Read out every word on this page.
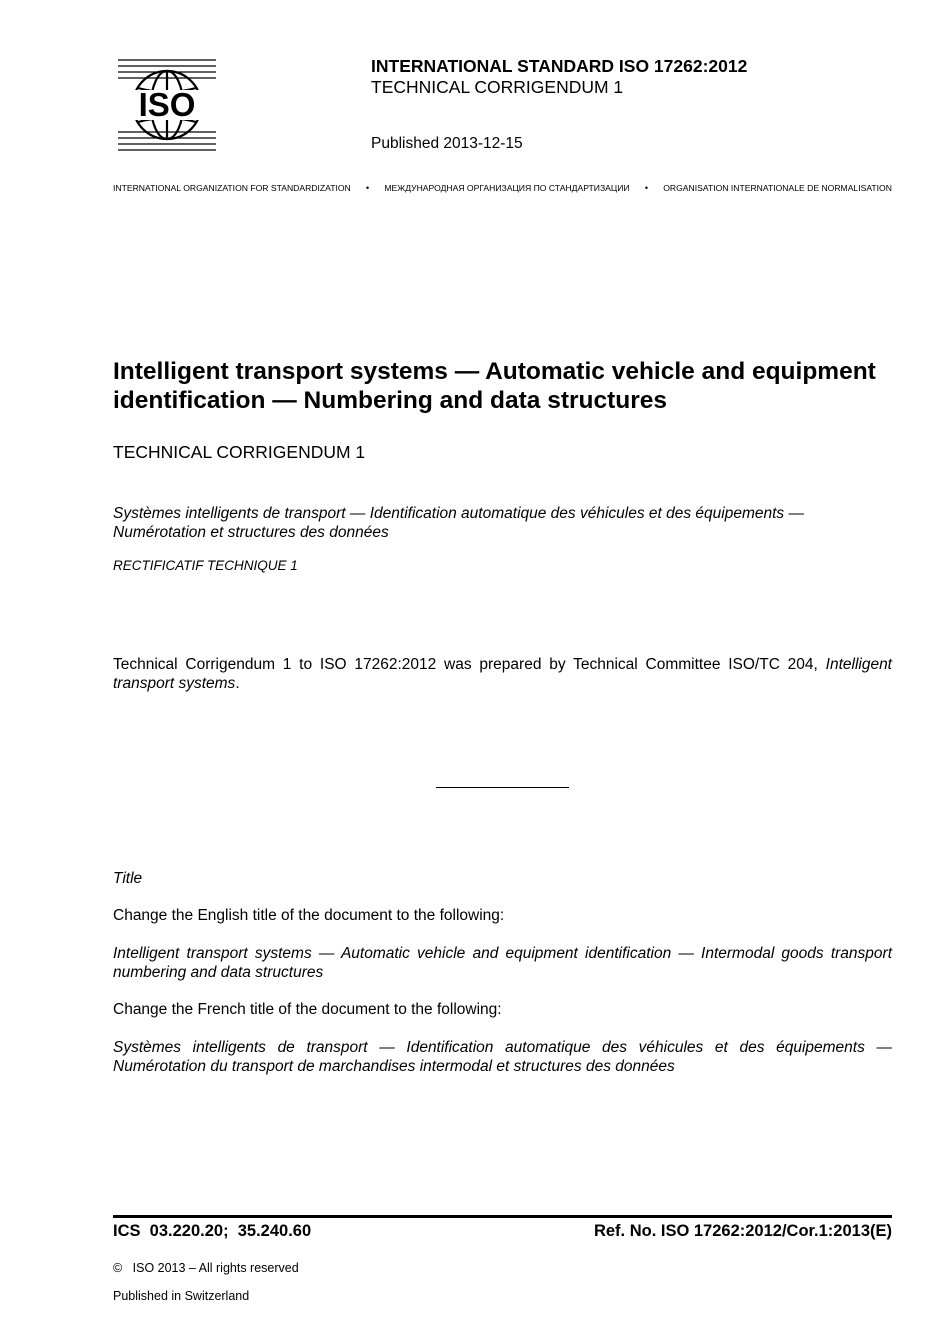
ISO
INTERNATIONAL STANDARD ISO 17262:2012
TECHNICAL CORRIGENDUM 1
Published 2013-12-15
INTERNATIONAL ORGANIZATION FOR STANDARDIZATION • МЕЖДУНАРОДНАЯ ОРГАНИЗАЦИЯ ПО СТАНДАРТИЗАЦИИ • ORGANISATION INTERNATIONALE DE NORMALISATION
Intelligent transport systems — Automatic vehicle and equipment identification — Numbering and data structures
TECHNICAL CORRIGENDUM 1
Systèmes intelligents de transport — Identification automatique des véhicules et des équipements — Numérotation et structures des données
RECTIFICATIF TECHNIQUE 1
Technical Corrigendum 1 to ISO 17262:2012 was prepared by Technical Committee ISO/TC 204, Intelligent transport systems.
Title
Change the English title of the document to the following:
Intelligent transport systems — Automatic vehicle and equipment identification — Intermodal goods transport numbering and data structures
Change the French title of the document to the following:
Systèmes intelligents de transport — Identification automatique des véhicules et des équipements — Numérotation du transport de marchandises intermodal et structures des données
ICS  03.220.20;  35.240.60	Ref. No. ISO 17262:2012/Cor.1:2013(E)
©   ISO 2013 – All rights reserved
Published in Switzerland
